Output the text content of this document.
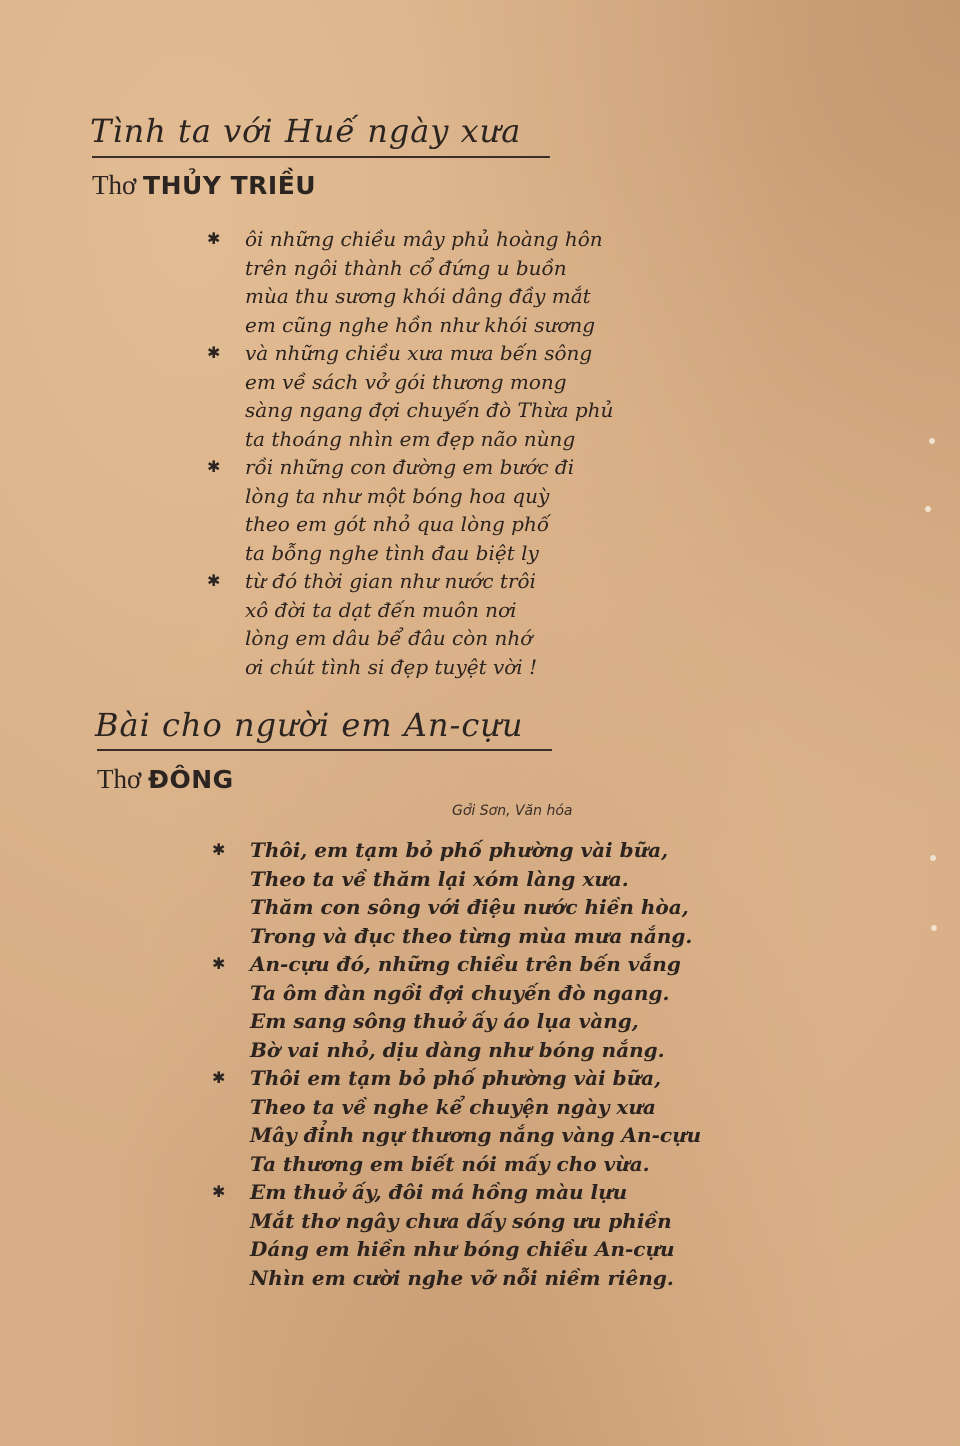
Tình ta với Huế ngày xưa
Thơ THỦY TRIỀU
✱ ôi những chiều mây phủ hoàng hôn
trên ngôi thành cổ đứng u buồn
mùa thu sương khói dâng đầy mắt
em cũng nghe hồn như khói sương
✱ và những chiều xưa mưa bến sông
em về sách vở gói thương mong
sàng ngang đợi chuyến đò Thừa phủ
ta thoáng nhìn em đẹp não nùng
✱ rồi những con đường em bước đi
lòng ta như một bóng hoa quỳ
theo em gót nhỏ qua lòng phố
ta bỗng nghe tình đau biệt ly
✱ từ đó thời gian như nước trôi
xô đời ta dạt đến muôn nơi
lòng em dâu bể đâu còn nhớ
ơi chút tình si đẹp tuyệt vời !
Bài cho người em An-cựu
Thơ ĐÔNG
Gởi Sơn, Văn hóa
✱ Thôi, em tạm bỏ phố phường vài bữa,
Theo ta về thăm lại xóm làng xưa.
Thăm con sông với điệu nước hiền hòa,
Trong và đục theo từng mùa mưa nắng.
✱ An-cựu đó, những chiều trên bến vắng
Ta ôm đàn ngồi đợi chuyến đò ngang.
Em sang sông thuở ấy áo lụa vàng,
Bờ vai nhỏ, dịu dàng như bóng nắng.
✱ Thôi em tạm bỏ phố phường vài bữa,
Theo ta về nghe kể chuyện ngày xưa
Mây đỉnh ngự thương nắng vàng An-cựu
Ta thương em biết nói mấy cho vừa.
✱ Em thuở ấy, đôi má hồng màu lựu
Mắt thơ ngây chưa dấy sóng ưu phiền
Dáng em hiền như bóng chiều An-cựu
Nhìn em cười nghe vỡ nỗi niềm riêng.
